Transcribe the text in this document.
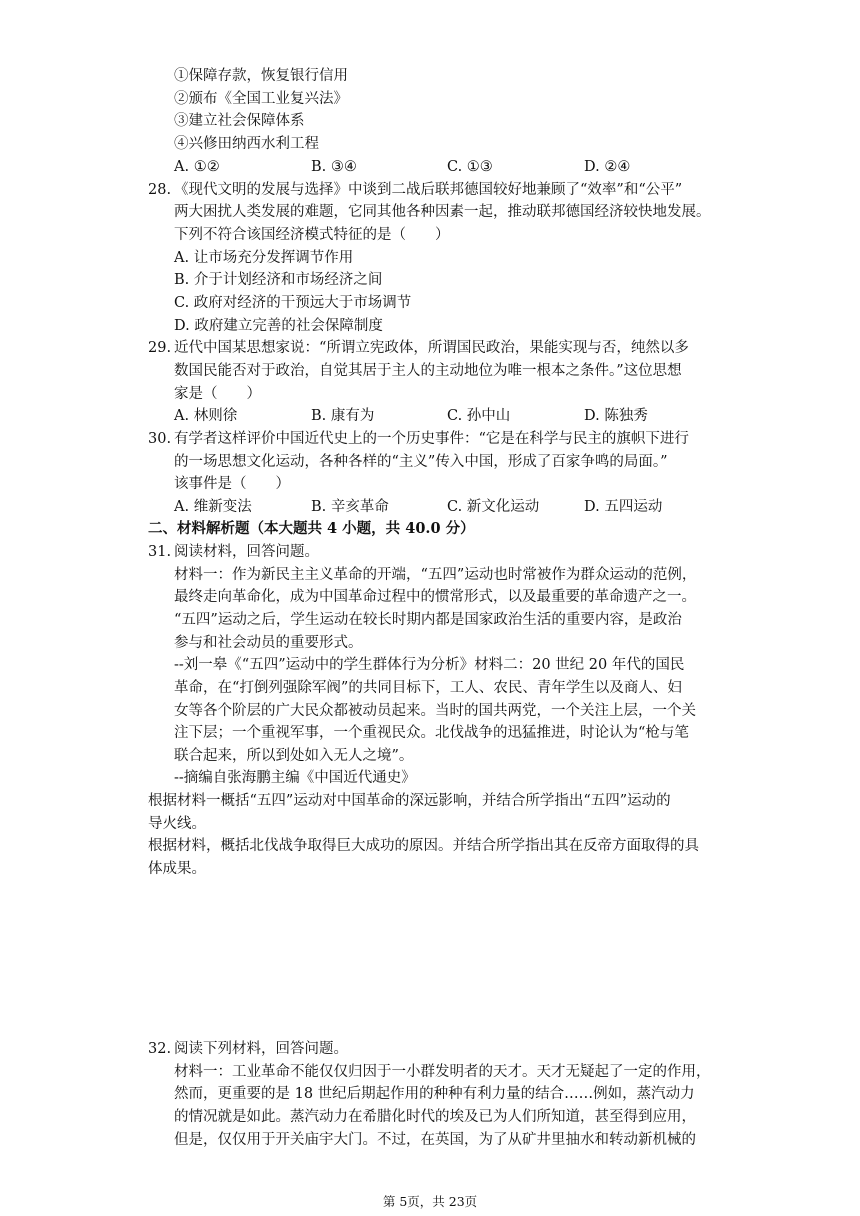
①保障存款，恢复银行信用
②颁布《全国工业复兴法》
③建立社会保障体系
④兴修田纳西水利工程
A. ①②	B. ③④	C. ①③	D. ②④
28. 《现代文明的发展与选择》中谈到二战后联邦德国较好地兼顾了“效率”和“公平”
两大困扰人类发展的难题，它同其他各种因素一起，推动联邦德国经济较快地发展。
下列不符合该国经济模式特征的是（　　）
A. 让市场充分发挥调节作用
B. 介于计划经济和市场经济之间
C. 政府对经济的干预远大于市场调节
D. 政府建立完善的社会保障制度
29. 近代中国某思想家说：“所谓立宪政体，所谓国民政治，果能实现与否，纯然以多
数国民能否对于政治，自觉其居于主人的主动地位为唯一根本之条件。”这位思想
家是（　　）
A. 林则徐	B. 康有为	C. 孙中山	D. 陈独秀
30. 有学者这样评价中国近代史上的一个历史事件：“它是在科学与民主的旗帜下进行
的一场思想文化运动，各种各样的“主义”传入中国，形成了百家争鸣的局面。”
该事件是（　　）
A. 维新变法	B. 辛亥革命	C. 新文化运动	D. 五四运动
二、材料解析题（本大题共 4 小题，共 40.0 分）
31. 阅读材料，回答问题。
材料一：作为新民主主义革命的开端，“五四”运动也时常被作为群众运动的范例，
最终走向革命化，成为中国革命过程中的惯常形式，以及最重要的革命遗产之一。
“五四”运动之后，学生运动在较长时期内都是国家政治生活的重要内容，是政治
参与和社会动员的重要形式。
--刘一皋《“五四”运动中的学生群体行为分析》材料二：20 世纪 20 年代的国民
革命，在“打倒列强除军阀”的共同目标下，工人、农民、青年学生以及商人、妇
女等各个阶层的广大民众都被动员起来。当时的国共两党，一个关注上层，一个关
注下层；一个重视军事，一个重视民众。北伐战争的迅猛推进，时论认为“枪与笔
联合起来，所以到处如入无人之境”。
--摘编自张海鹏主编《中国近代通史》
根据材料一概括“五四”运动对中国革命的深远影响，并结合所学指出“五四”运动的
导火线。
根据材料，概括北伐战争取得巨大成功的原因。并结合所学指出其在反帝方面取得的具
体成果。
32. 阅读下列材料，回答问题。
材料一：工业革命不能仅仅归因于一小群发明者的天才。天才无疑起了一定的作用，
然而，更重要的是 18 世纪后期起作用的种种有利力量的结合……例如，蒸汽动力
的情况就是如此。蒸汽动力在希腊化时代的埃及已为人们所知道，甚至得到应用，
但是，仅仅用于开关庙宇大门。不过，在英国，为了从矿井里抽水和转动新机械的
第 5页，共 23页
